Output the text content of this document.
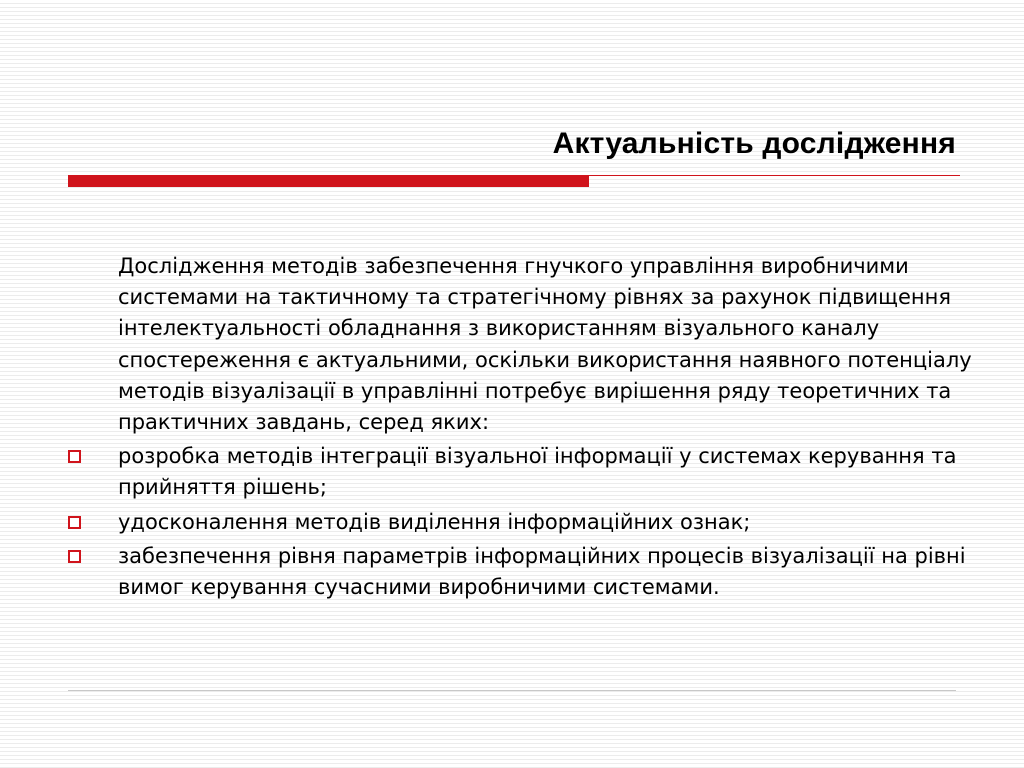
Актуальність дослідження

Дослідження методів забезпечення гнучкого управління виробничими системами на тактичному та стратегічному рівнях за рахунок підвищення інтелектуальності обладнання з використанням візуального каналу спостереження є актуальними, оскільки використання наявного потенціалу методів візуалізації в управлінні потребує вирішення ряду теоретичних та практичних завдань, серед яких:

розробка методів інтеграції візуальної інформації у системах керування та прийняття рішень;
удосконалення методів виділення інформаційних ознак;
забезпечення рівня параметрів інформаційних процесів візуалізації на рівні вимог керування сучасними виробничими системами.
